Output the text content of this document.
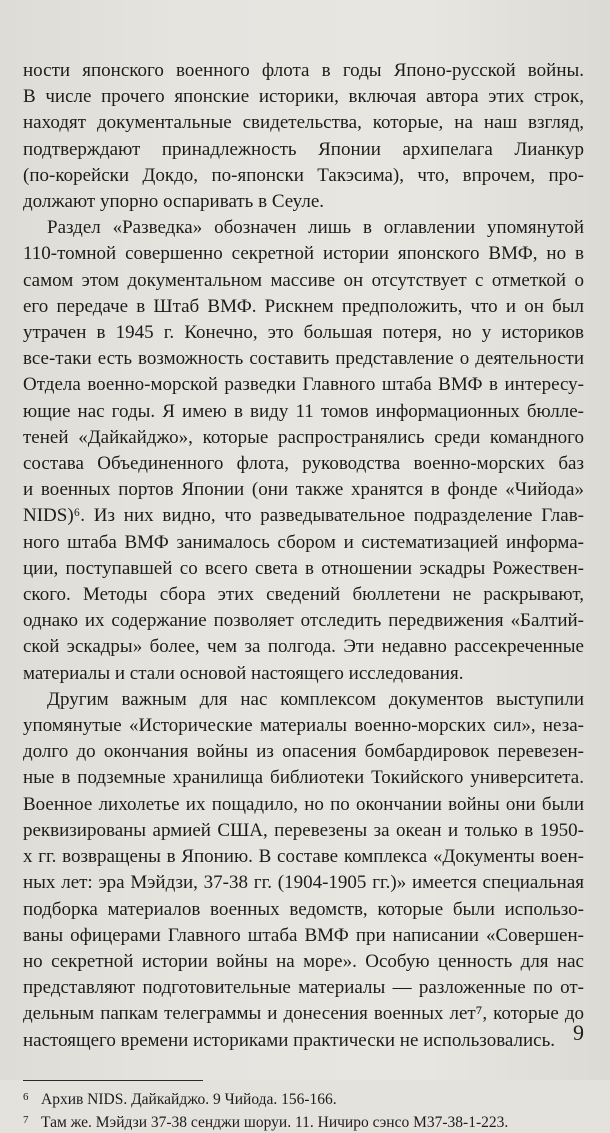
ности японского военного флота в годы Японо-русской войны.

В числе прочего японские историки, включая автора этих строк,

находят документальные свидетельства, которые, на наш взгляд,

подтверждают принадлежность Японии архипелага Лианкур

(по-корейски Докдо, по-японски Такэсима), что, впрочем, про-

должают упорно оспаривать в Сеуле.

Раздел «Разведка» обозначен лишь в оглавлении упомянутой

110-томной совершенно секретной истории японского ВМФ, но в

самом этом документальном массиве он отсутствует с отметкой о

его передаче в Штаб ВМФ. Рискнем предположить, что и он был

утрачен в 1945 г. Конечно, это большая потеря, но у историков

все-таки есть возможность составить представление о деятельности

Отдела военно-морской разведки Главного штаба ВМФ в интересу-

ющие нас годы. Я имею в виду 11 томов информационных бюлле-

теней «Дайкайджо», которые распространялись среди командного

состава Объединенного флота, руководства военно-морских баз

и военных портов Японии (они также хранятся в фонде «Чийода»

NIDS)⁶. Из них видно, что разведывательное подразделение Глав-

ного штаба ВМФ занималось сбором и систематизацией информа-

ции, поступавшей со всего света в отношении эскадры Рожествен-

ского. Методы сбора этих сведений бюллетени не раскрывают,

однако их содержание позволяет отследить передвижения «Балтий-

ской эскадры» более, чем за полгода. Эти недавно рассекреченные

материалы и стали основой настоящего исследования.

Другим важным для нас комплексом документов выступили

упомянутые «Исторические материалы военно-морских сил», неза-

долго до окончания войны из опасения бомбардировок перевезен-

ные в подземные хранилища библиотеки Токийского университета.

Военное лихолетье их пощадило, но по окончании войны они были

реквизированы армией США, перевезены за океан и только в 1950-

х гг. возвращены в Японию. В составе комплекса «Документы воен-

ных лет: эра Мэйдзи, 37-38 гг. (1904-1905 гг.)» имеется специальная

подборка материалов военных ведомств, которые были использо-

ваны офицерами Главного штаба ВМФ при написании «Совершен-

но секретной истории войны на море». Особую ценность для нас

представляют подготовительные материалы — разложенные по от-

дельным папкам телеграммы и донесения военных лет⁷, которые до

настоящего времени историками практически не использовались.

6 Архив NIDS. Дайкайджо. 9 Чийода. 156-166.

7 Там же. Мэйдзи 37-38 сенджи шоруи. 11. Ничиро сэнсо М37-38-1-223.

9
